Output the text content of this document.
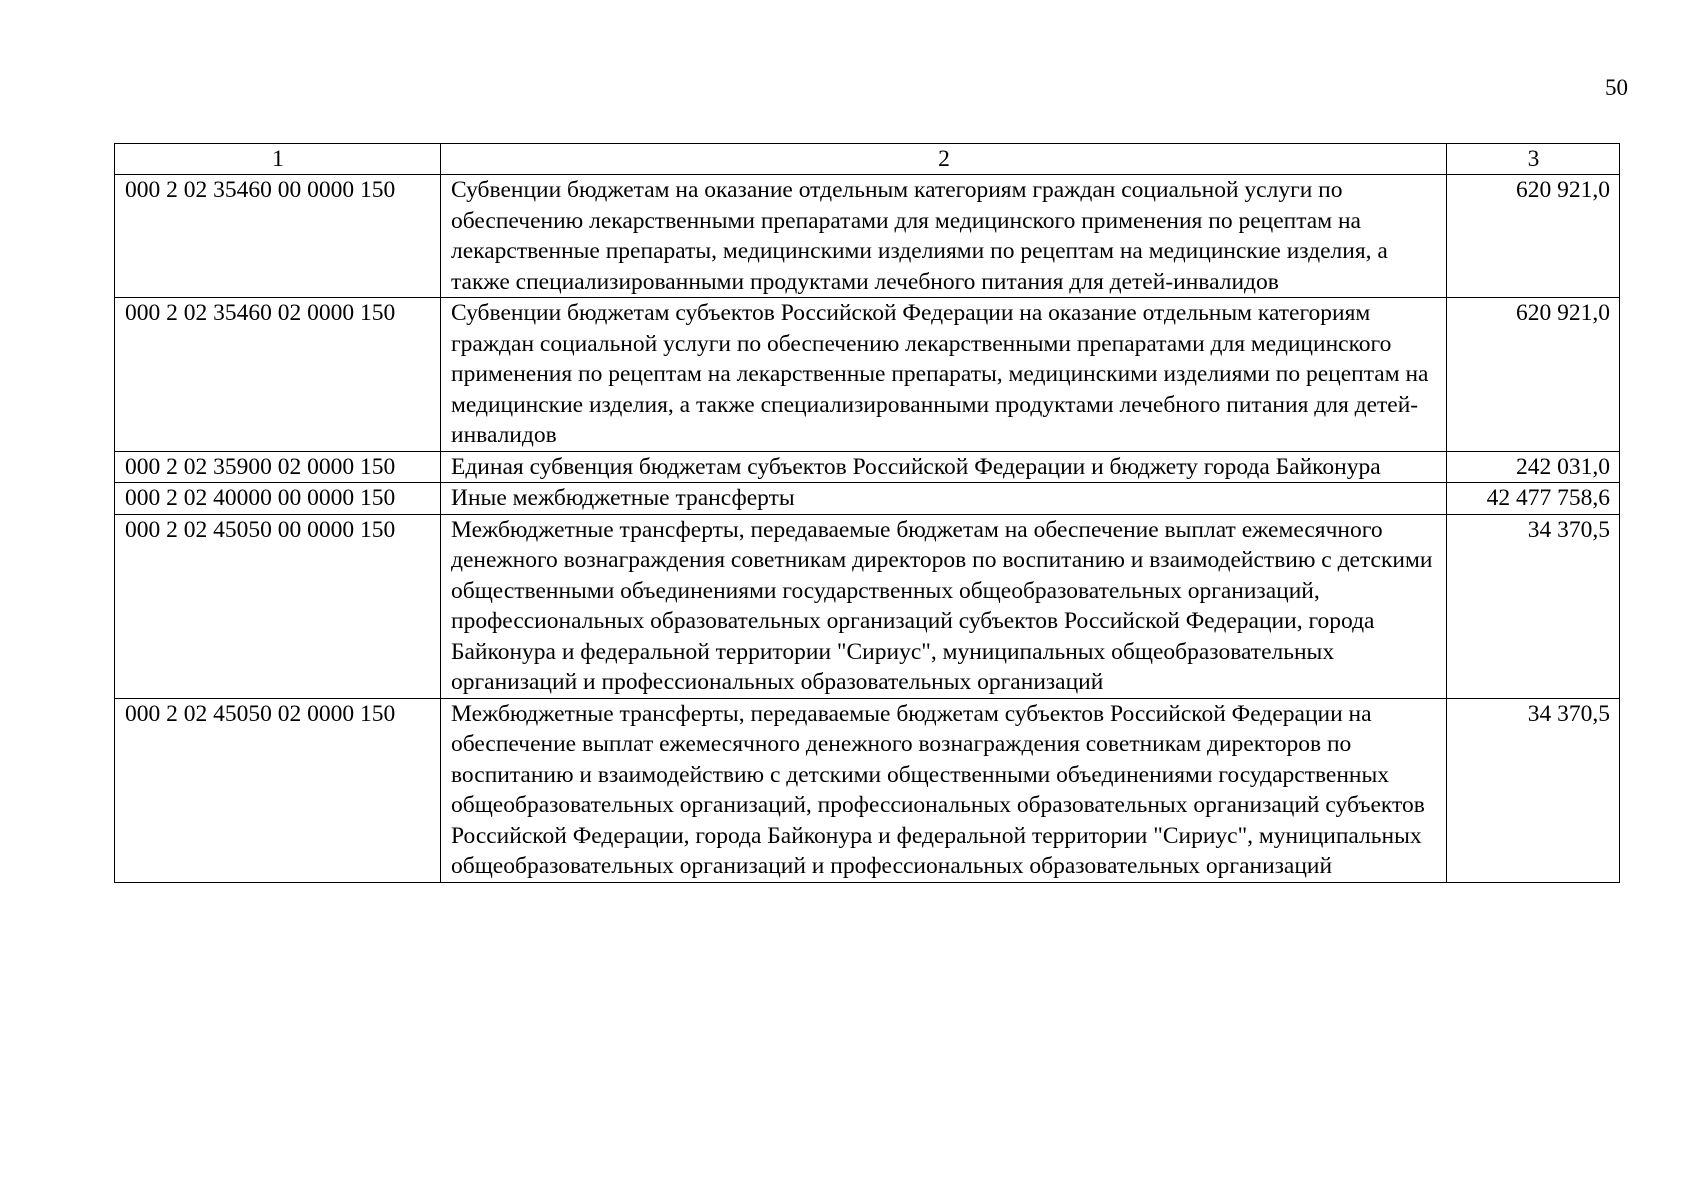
50
1	2	3
000 2 02 35460 00 0000 150	Субвенции бюджетам на оказание отдельным категориям граждан социальной услуги по обеспечению лекарственными препаратами для медицинского применения по рецептам на лекарственные препараты, медицинскими изделиями по рецептам на медицинские изделия, а также специализированными продуктами лечебного питания для детей-инвалидов	620 921,0
000 2 02 35460 02 0000 150	Субвенции бюджетам субъектов Российской Федерации на оказание отдельным категориям граждан социальной услуги по обеспечению лекарственными препаратами для медицинского применения по рецептам на лекарственные препараты, медицинскими изделиями по рецептам на медицинские изделия, а также специализированными продуктами лечебного питания для детей-инвалидов	620 921,0
000 2 02 35900 02 0000 150	Единая субвенция бюджетам субъектов Российской Федерации и бюджету города Байконура	242 031,0
000 2 02 40000 00 0000 150	Иные межбюджетные трансферты	42 477 758,6
000 2 02 45050 00 0000 150	Межбюджетные трансферты, передаваемые бюджетам на обеспечение выплат ежемесячного денежного вознаграждения советникам директоров по воспитанию и взаимодействию с детскими общественными объединениями государственных общеобразовательных организаций, профессиональных образовательных организаций субъектов Российской Федерации, города Байконура и федеральной территории "Сириус", муниципальных общеобразовательных организаций и профессиональных образовательных организаций	34 370,5
000 2 02 45050 02 0000 150	Межбюджетные трансферты, передаваемые бюджетам субъектов Российской Федерации на обеспечение выплат ежемесячного денежного вознаграждения советникам директоров по воспитанию и взаимодействию с детскими общественными объединениями государственных общеобразовательных организаций, профессиональных образовательных организаций субъектов Российской Федерации, города Байконура и федеральной территории "Сириус", муниципальных общеобразовательных организаций и профессиональных образовательных организаций	34 370,5
